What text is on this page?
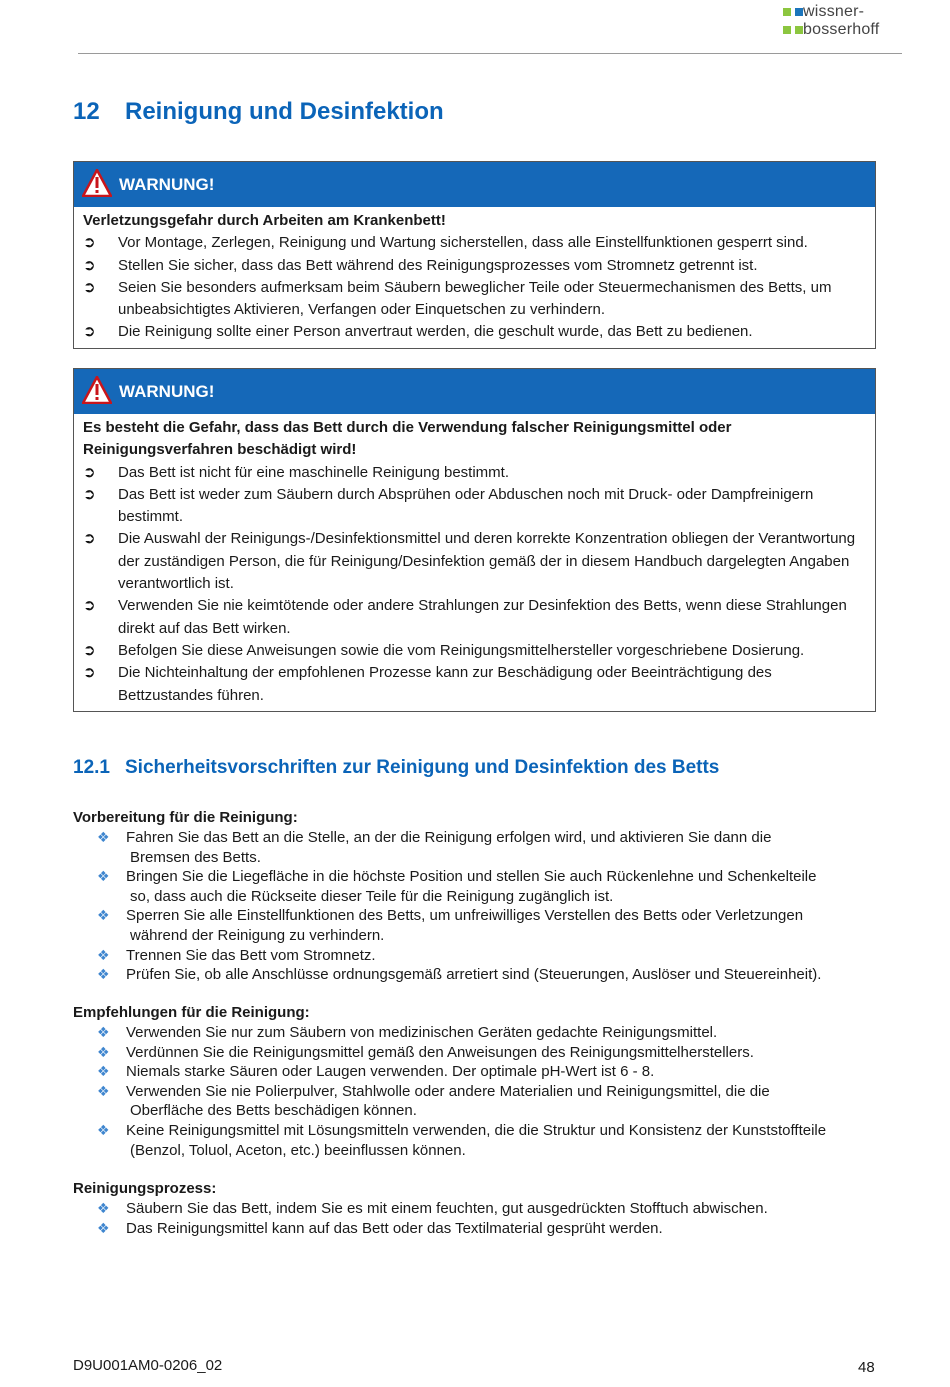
wissner-
bosserhoff
12 Reinigung und Desinfektion
WARNUNG!
Verletzungsgefahr durch Arbeiten am Krankenbett!
➲ Vor Montage, Zerlegen, Reinigung und Wartung sicherstellen, dass alle Einstellfunktionen gesperrt sind.
➲ Stellen Sie sicher, dass das Bett während des Reinigungsprozesses vom Stromnetz getrennt ist.
➲ Seien Sie besonders aufmerksam beim Säubern beweglicher Teile oder Steuermechanismen des Betts, um unbeabsichtigtes Aktivieren, Verfangen oder Einquetschen zu verhindern.
➲ Die Reinigung sollte einer Person anvertraut werden, die geschult wurde, das Bett zu bedienen.
WARNUNG!
Es besteht die Gefahr, dass das Bett durch die Verwendung falscher Reinigungsmittel oder Reinigungsverfahren beschädigt wird!
➲ Das Bett ist nicht für eine maschinelle Reinigung bestimmt.
➲ Das Bett ist weder zum Säubern durch Absprühen oder Abduschen noch mit Druck- oder Dampfreinigern bestimmt.
➲ Die Auswahl der Reinigungs-/Desinfektionsmittel und deren korrekte Konzentration obliegen der Verantwortung der zuständigen Person, die für Reinigung/Desinfektion gemäß der in diesem Handbuch dargelegten Angaben verantwortlich ist.
➲ Verwenden Sie nie keimtötende oder andere Strahlungen zur Desinfektion des Betts, wenn diese Strahlungen direkt auf das Bett wirken.
➲ Befolgen Sie diese Anweisungen sowie die vom Reinigungsmittelhersteller vorgeschriebene Dosierung.
➲ Die Nichteinhaltung der empfohlenen Prozesse kann zur Beschädigung oder Beeinträchtigung des Bettzustandes führen.
12.1 Sicherheitsvorschriften zur Reinigung und Desinfektion des Betts
Vorbereitung für die Reinigung:
❖ Fahren Sie das Bett an die Stelle, an der die Reinigung erfolgen wird, und aktivieren Sie dann die
Bremsen des Betts.
❖ Bringen Sie die Liegefläche in die höchste Position und stellen Sie auch Rückenlehne und Schenkelteile
so, dass auch die Rückseite dieser Teile für die Reinigung zugänglich ist.
❖ Sperren Sie alle Einstellfunktionen des Betts, um unfreiwilliges Verstellen des Betts oder Verletzungen
während der Reinigung zu verhindern.
❖ Trennen Sie das Bett vom Stromnetz.
❖ Prüfen Sie, ob alle Anschlüsse ordnungsgemäß arretiert sind (Steuerungen, Auslöser und Steuereinheit).
Empfehlungen für die Reinigung:
❖ Verwenden Sie nur zum Säubern von medizinischen Geräten gedachte Reinigungsmittel.
❖ Verdünnen Sie die Reinigungsmittel gemäß den Anweisungen des Reinigungsmittelherstellers.
❖ Niemals starke Säuren oder Laugen verwenden. Der optimale pH-Wert ist 6 - 8.
❖ Verwenden Sie nie Polierpulver, Stahlwolle oder andere Materialien und Reinigungsmittel, die die
Oberfläche des Betts beschädigen können.
❖ Keine Reinigungsmittel mit Lösungsmitteln verwenden, die die Struktur und Konsistenz der Kunststoffteile
(Benzol, Toluol, Aceton, etc.) beeinflussen können.
Reinigungsprozess:
❖ Säubern Sie das Bett, indem Sie es mit einem feuchten, gut ausgedrückten Stofftuch abwischen.
❖ Das Reinigungsmittel kann auf das Bett oder das Textilmaterial gesprüht werden.
D9U001AM0-0206_02	48
